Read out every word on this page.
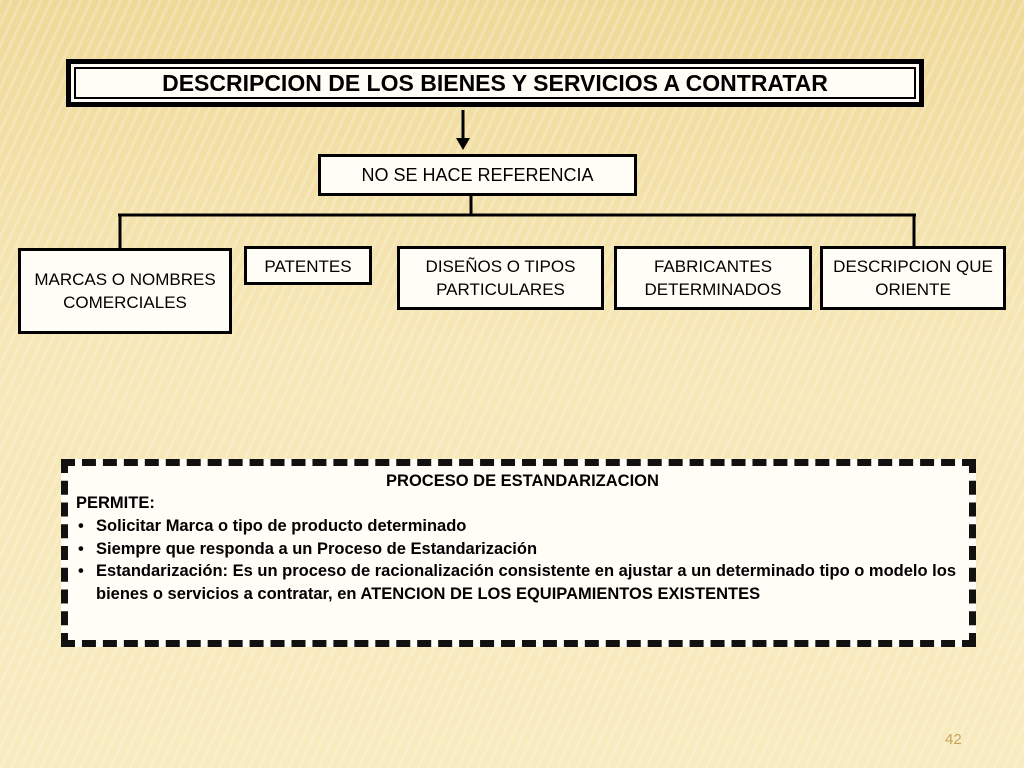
DESCRIPCION DE LOS BIENES Y SERVICIOS A CONTRATAR
NO SE HACE REFERENCIA
MARCAS O NOMBRES COMERCIALES
PATENTES	DISEÑOS O TIPOS PARTICULARES
FABRICANTES DETERMINADOS
DESCRIPCION QUE ORIENTE
PROCESO DE ESTANDARIZACION
PERMITE:
• Solicitar Marca o tipo de producto determinado
• Siempre que responda a un Proceso de Estandarización
• Estandarización: Es un proceso de racionalización consistente en ajustar a un determinado tipo o modelo los bienes o servicios a contratar, en ATENCION DE LOS EQUIPAMIENTOS EXISTENTES
42
